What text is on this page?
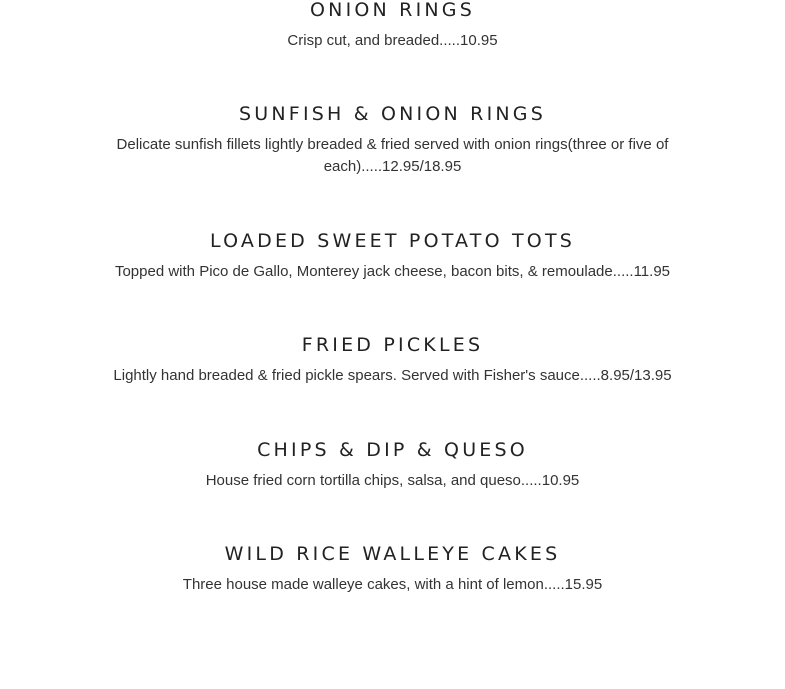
ONION RINGS

Crisp cut, and breaded.....10.95

SUNFISH & ONION RINGS

Delicate sunfish fillets lightly breaded & fried served with onion rings(three or five of each).....12.95/18.95

LOADED SWEET POTATO TOTS

Topped with Pico de Gallo, Monterey jack cheese, bacon bits, & remoulade.....11.95

FRIED PICKLES

Lightly hand breaded & fried pickle spears. Served with Fisher's sauce.....8.95/13.95

CHIPS & DIP & QUESO

House fried corn tortilla chips, salsa, and queso.....10.95

WILD RICE WALLEYE CAKES

Three house made walleye cakes, with a hint of lemon.....15.95
